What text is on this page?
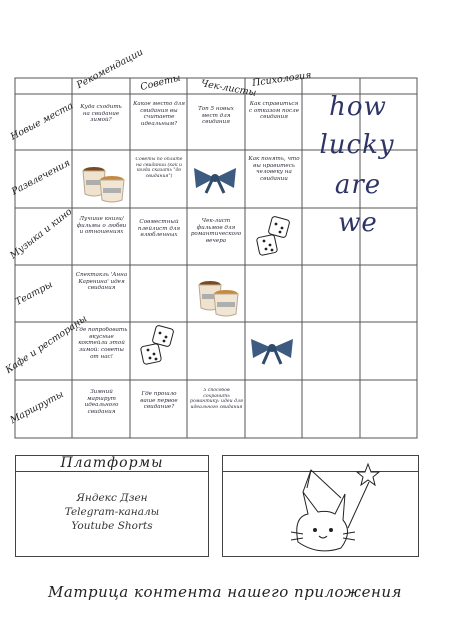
Рекомендации
Советы Чек-листы
Психология
Новые места
Развлечения
Музыка и кино
Театры
Кафе и рестораны
Маршруты
Куда сходить на свидание зимой?
Какое место для свидания вы считаете идеальным?
Топ 5 новых мест для свидания
Как справиться с отказом после свидания
Советы по оплате на свидании (как и когда сказать "до свидания")
Как понять, что вы нравитесь человеку на свидании
Лучшие книги/фильмы о любви и отношениях
Совместный плейлист для влюбленных
Чек-лист фильмов для романтического вечера
Спектакль 'Анна Каренина' идея свидания
Где попробовать вкусные коктейли этой зимой: советы от нас!
Зимний маршрут идеального свидания
Где прошло ваше первое свидание?
5 способов сохранить романтику: идеи для идеального свидания
how
lucky
are
we
Платформы
Яндекс Дзен
Telegram-каналы
Youtube Shorts
Матрица контента нашего приложения
